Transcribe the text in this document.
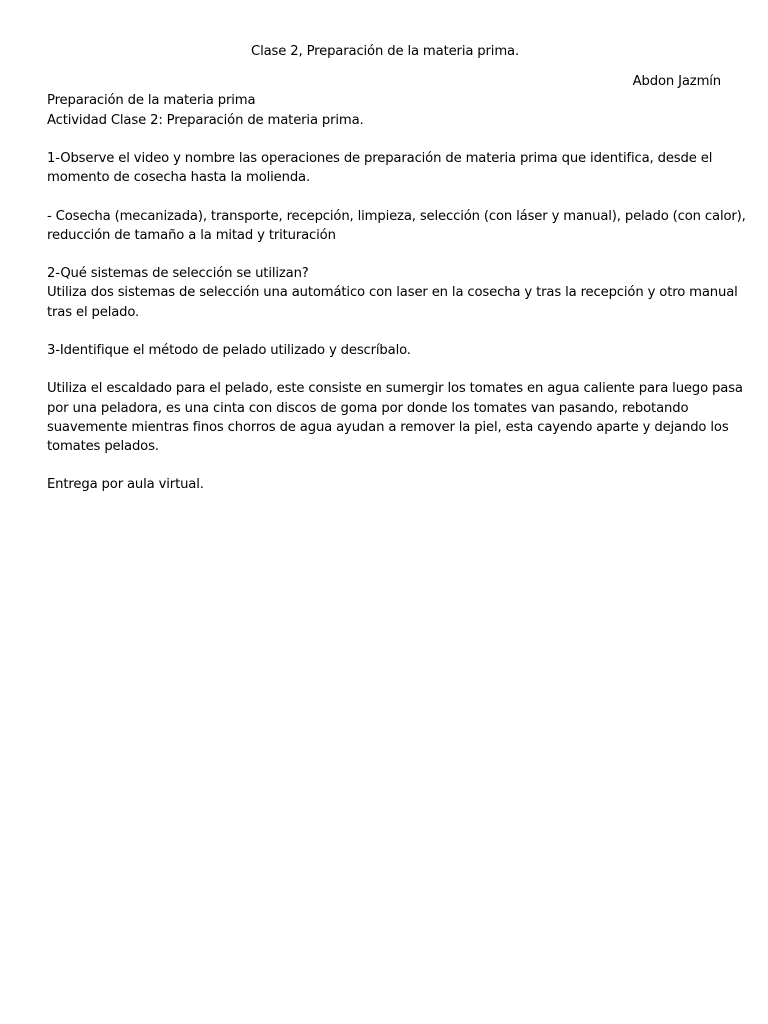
Clase 2, Preparación de la materia prima.

Abdon Jazmín

Preparación de la materia prima

Actividad Clase 2: Preparación de materia prima.

1-Observe el video y nombre las operaciones de preparación de materia prima que identifica, desde el

momento de cosecha hasta la molienda.

- Cosecha (mecanizada), transporte, recepción, limpieza, selección (con láser y manual), pelado (con calor),

reducción de tamaño a la mitad y trituración

2-Qué sistemas de selección se utilizan?

Utiliza dos sistemas de selección una automático con laser en la cosecha y tras la recepción y otro manual

tras el pelado.

3-Identifique el método de pelado utilizado y descríbalo.

Utiliza el escaldado para el pelado, este consiste en sumergir los tomates en agua caliente para luego pasa

por una peladora, es una cinta con discos de goma por donde los tomates van pasando, rebotando

suavemente mientras finos chorros de agua ayudan a remover la piel, esta cayendo aparte y dejando los

tomates pelados.

Entrega por aula virtual.
